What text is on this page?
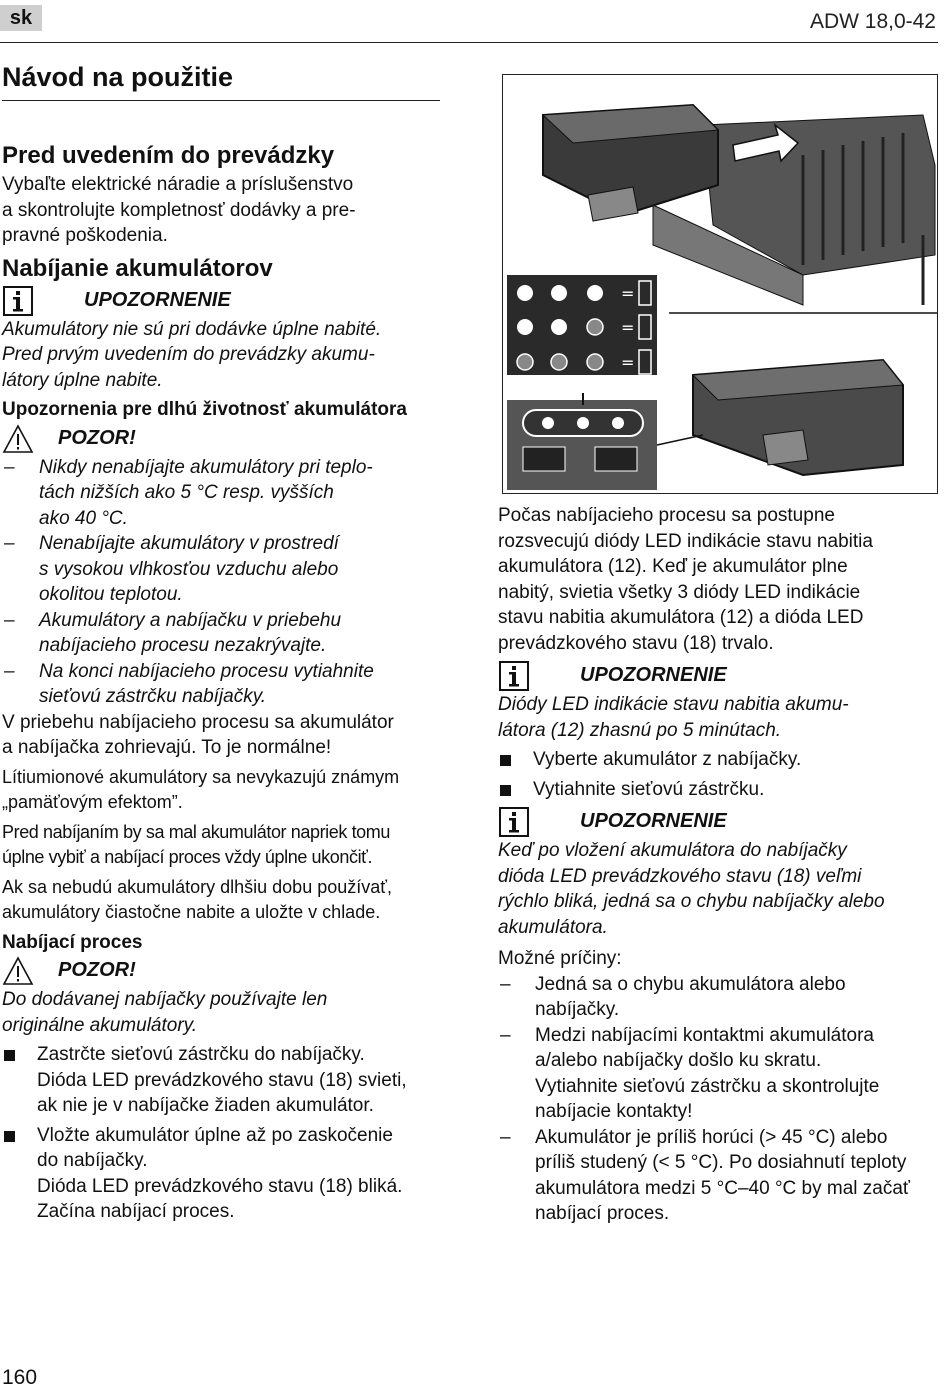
sk	ADW 18,0-42
Návod na použitie
Pred uvedením do prevádzky
Vybaľte elektrické náradie a príslušenstvo
a skontrolujte kompletnosť dodávky a pre-
pravné poškodenia.
Nabíjanie akumulátorov
UPOZORNENIE
Akumulátory nie sú pri dodávke úplne nabité.
Pred prvým uvedením do prevádzky akumu-
látory úplne nabite.
Upozornenia pre dlhú životnosť akumulátora
POZOR!
–	Nikdy nenabíjajte akumulátory pri teplo-
tách nižších ako 5 °C resp. vyšších
ako 40 °C.
–	Nenabíjajte akumulátory v prostredí
s vysokou vlhkosťou vzduchu alebo
okolitou teplotou.
–	Akumulátory a nabíjačku v priebehu
nabíjacieho procesu nezakrývajte.
–	Na konci nabíjacieho procesu vytiahnite
sieťovú zástrčku nabíjačky.
V priebehu nabíjacieho procesu sa akumulátor
a nabíjačka zohrievajú. To je normálne!
Lítiumionové akumulátory sa nevykazujú známym
„pamäťovým efektom”.
Pred nabíjaním by sa mal akumulátor napriek tomu
úplne vybiť a nabíjací proces vždy úplne ukončiť.
Ak sa nebudú akumulátory dlhšiu dobu používať,
akumulátory čiastočne nabite a uložte v chlade.
Nabíjací proces
POZOR!
Do dodávanej nabíjačky používajte len
originálne akumulátory.
Zastrčte sieťovú zástrčku do nabíjačky.
Dióda LED prevádzkového stavu (18) svieti,
ak nie je v nabíjačke žiaden akumulátor.
Vložte akumulátor úplne až po zaskočenie
do nabíjačky.
Dióda LED prevádzkového stavu (18) bliká.
Začína nabíjací proces.
=
=
=
Počas nabíjacieho procesu sa postupne
rozsvecujú diódy LED indikácie stavu nabitia
akumulátora (12). Keď je akumulátor plne
nabitý, svietia všetky 3 diódy LED indikácie
stavu nabitia akumulátora (12) a dióda LED
prevádzkového stavu (18) trvalo.
UPOZORNENIE
Diódy LED indikácie stavu nabitia akumu-
látora (12) zhasnú po 5 minútach.
Vyberte akumulátor z nabíjačky.
Vytiahnite sieťovú zástrčku.
UPOZORNENIE
Keď po vložení akumulátora do nabíjačky
dióda LED prevádzkového stavu (18) veľmi
rýchlo bliká, jedná sa o chybu nabíjačky alebo
akumulátora.
Možné príčiny:
–	Jedná sa o chybu akumulátora alebo
nabíjačky.
–	Medzi nabíjacími kontaktmi akumulátora
a/alebo nabíjačky došlo ku skratu.
Vytiahnite sieťovú zástrčku a skontrolujte
nabíjacie kontakty!
–	Akumulátor je príliš horúci (> 45 °C) alebo
príliš studený (< 5 °C). Po dosiahnutí teploty
akumulátora medzi 5 °C–40 °C by mal začať
nabíjací proces.
160
